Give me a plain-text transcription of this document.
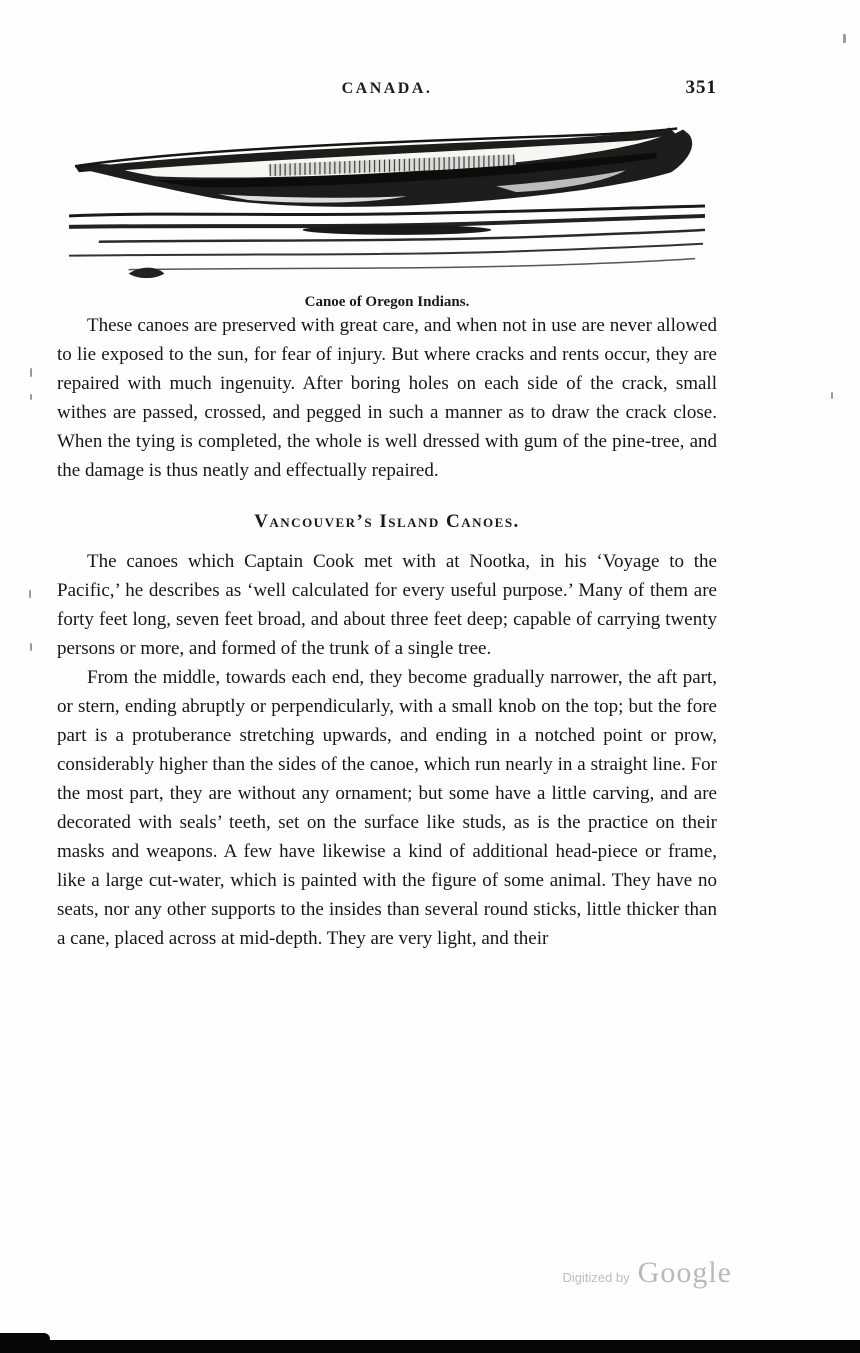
CANADA.	351
Canoe of Oregon Indians.

These canoes are preserved with great care, and when not in use are never allowed to lie exposed to the sun, for fear of injury. But where cracks and rents occur, they are repaired with much ingenuity. After boring holes on each side of the crack, small withes are passed, crossed, and pegged in such a manner as to draw the crack close. When the tying is completed, the whole is well dressed with gum of the pine-tree, and the damage is thus neatly and effectually repaired.

Vancouver’s Island Canoes.

The canoes which Captain Cook met with at Nootka, in his ‘Voyage to the Pacific,’ he describes as ‘well calculated for every useful purpose.’ Many of them are forty feet long, seven feet broad, and about three feet deep; capable of carrying twenty persons or more, and formed of the trunk of a single tree.

From the middle, towards each end, they become gradually narrower, the aft part, or stern, ending abruptly or perpendicularly, with a small knob on the top; but the fore part is a protuberance stretching upwards, and ending in a notched point or prow, considerably higher than the sides of the canoe, which run nearly in a straight line. For the most part, they are without any ornament; but some have a little carving, and are decorated with seals’ teeth, set on the surface like studs, as is the practice on their masks and weapons. A few have likewise a kind of additional head-piece or frame, like a large cut-water, which is painted with the figure of some animal. They have no seats, nor any other supports to the insides than several round sticks, little thicker than a cane, placed across at mid-depth. They are very light, and their

Digitized by Google
